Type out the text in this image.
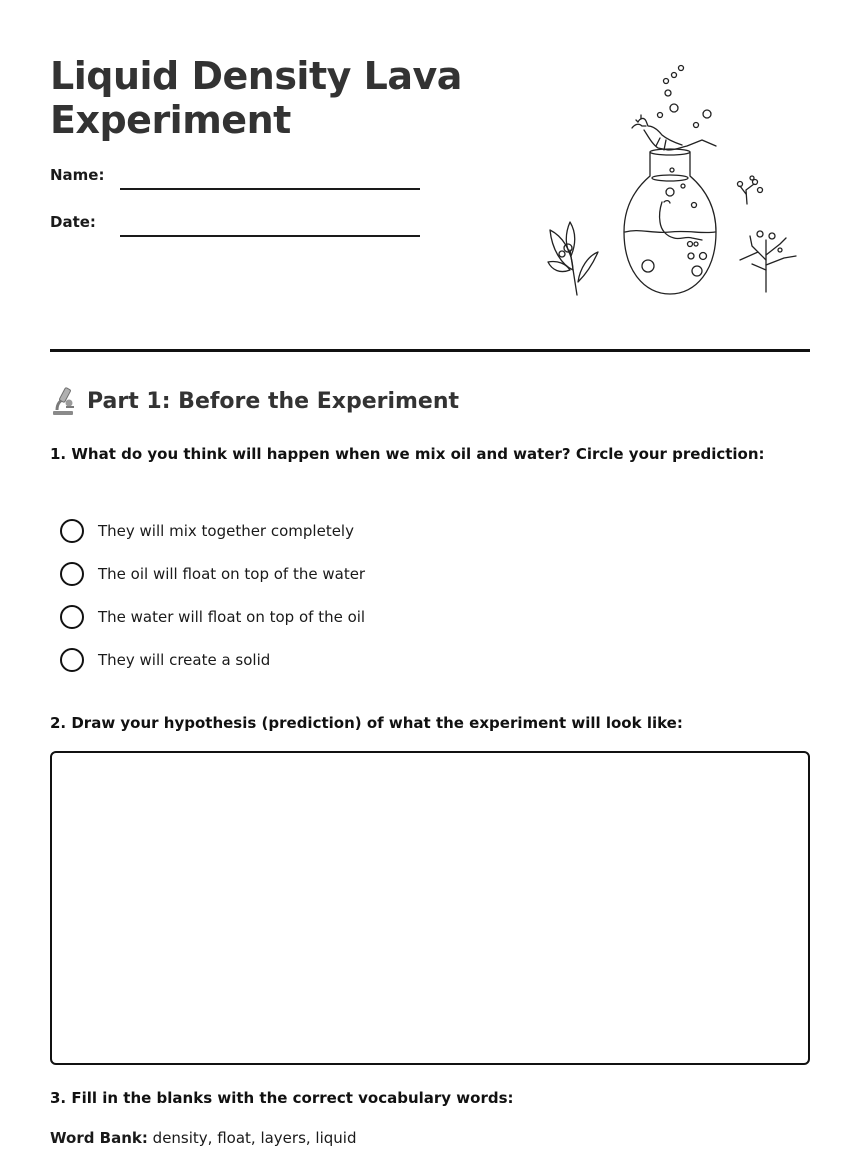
Liquid Density Lava
Experiment
Name:
Date:
Part 1: Before the Experiment

1. What do you think will happen when we mix oil and water? Circle your prediction:

They will mix together completely
The oil will float on top of the water
The water will float on top of the oil
They will create a solid

2. Draw your hypothesis (prediction) of what the experiment will look like:

3. Fill in the blanks with the correct vocabulary words:

Word Bank: density, float, layers, liquid
